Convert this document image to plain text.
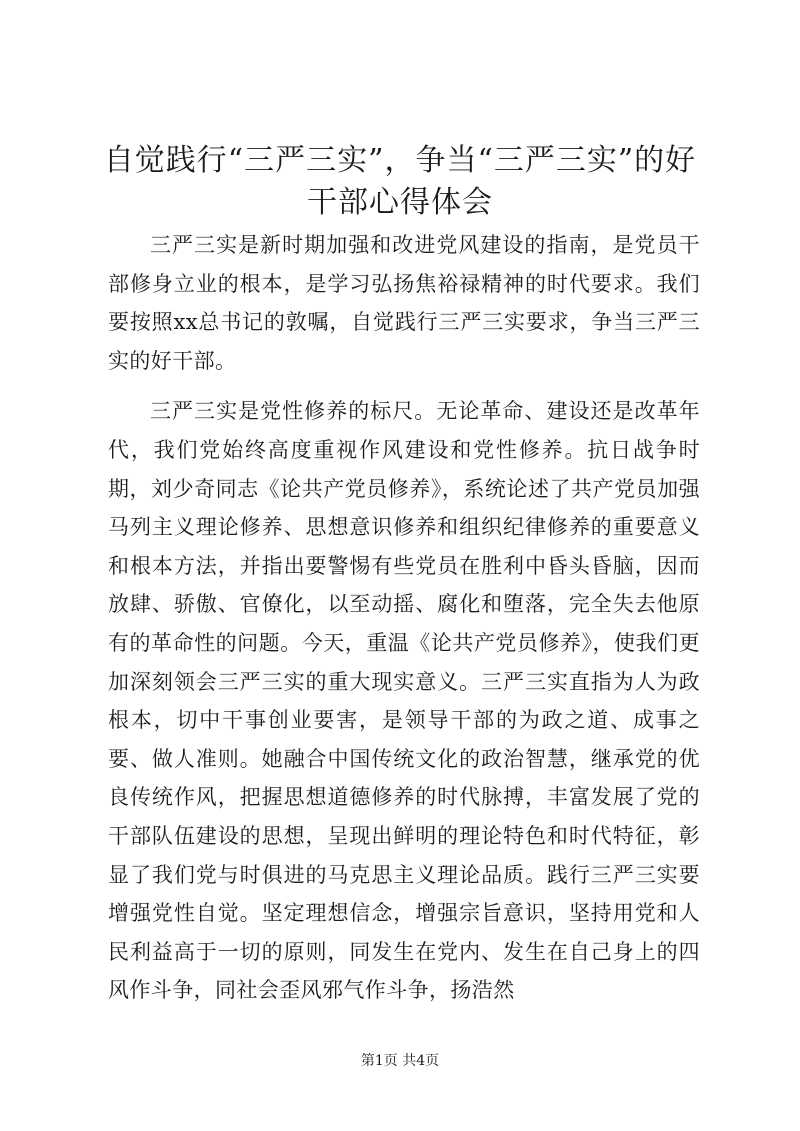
自觉践行“三严三实”，争当“三严三实”的好干部心得体会

三严三实是新时期加强和改进党风建设的指南，是党员干部修身立业的根本，是学习弘扬焦裕禄精神的时代要求。我们要按照xx总书记的敦嘱，自觉践行三严三实要求，争当三严三实的好干部。

三严三实是党性修养的标尺。无论革命、建设还是改革年代，我们党始终高度重视作风建设和党性修养。抗日战争时期，刘少奇同志《论共产党员修养》，系统论述了共产党员加强马列主义理论修养、思想意识修养和组织纪律修养的重要意义和根本方法，并指出要警惕有些党员在胜利中昏头昏脑，因而放肆、骄傲、官僚化，以至动摇、腐化和堕落，完全失去他原有的革命性的问题。今天，重温《论共产党员修养》，使我们更加深刻领会三严三实的重大现实意义。三严三实直指为人为政根本，切中干事创业要害，是领导干部的为政之道、成事之要、做人准则。她融合中国传统文化的政治智慧，继承党的优良传统作风，把握思想道德修养的时代脉搏，丰富发展了党的干部队伍建设的思想，呈现出鲜明的理论特色和时代特征，彰显了我们党与时俱进的马克思主义理论品质。践行三严三实要增强党性自觉。坚定理想信念，增强宗旨意识，坚持用党和人民利益高于一切的原则，同发生在党内、发生在自己身上的四风作斗争，同社会歪风邪气作斗争，扬浩然

第1页 共4页
